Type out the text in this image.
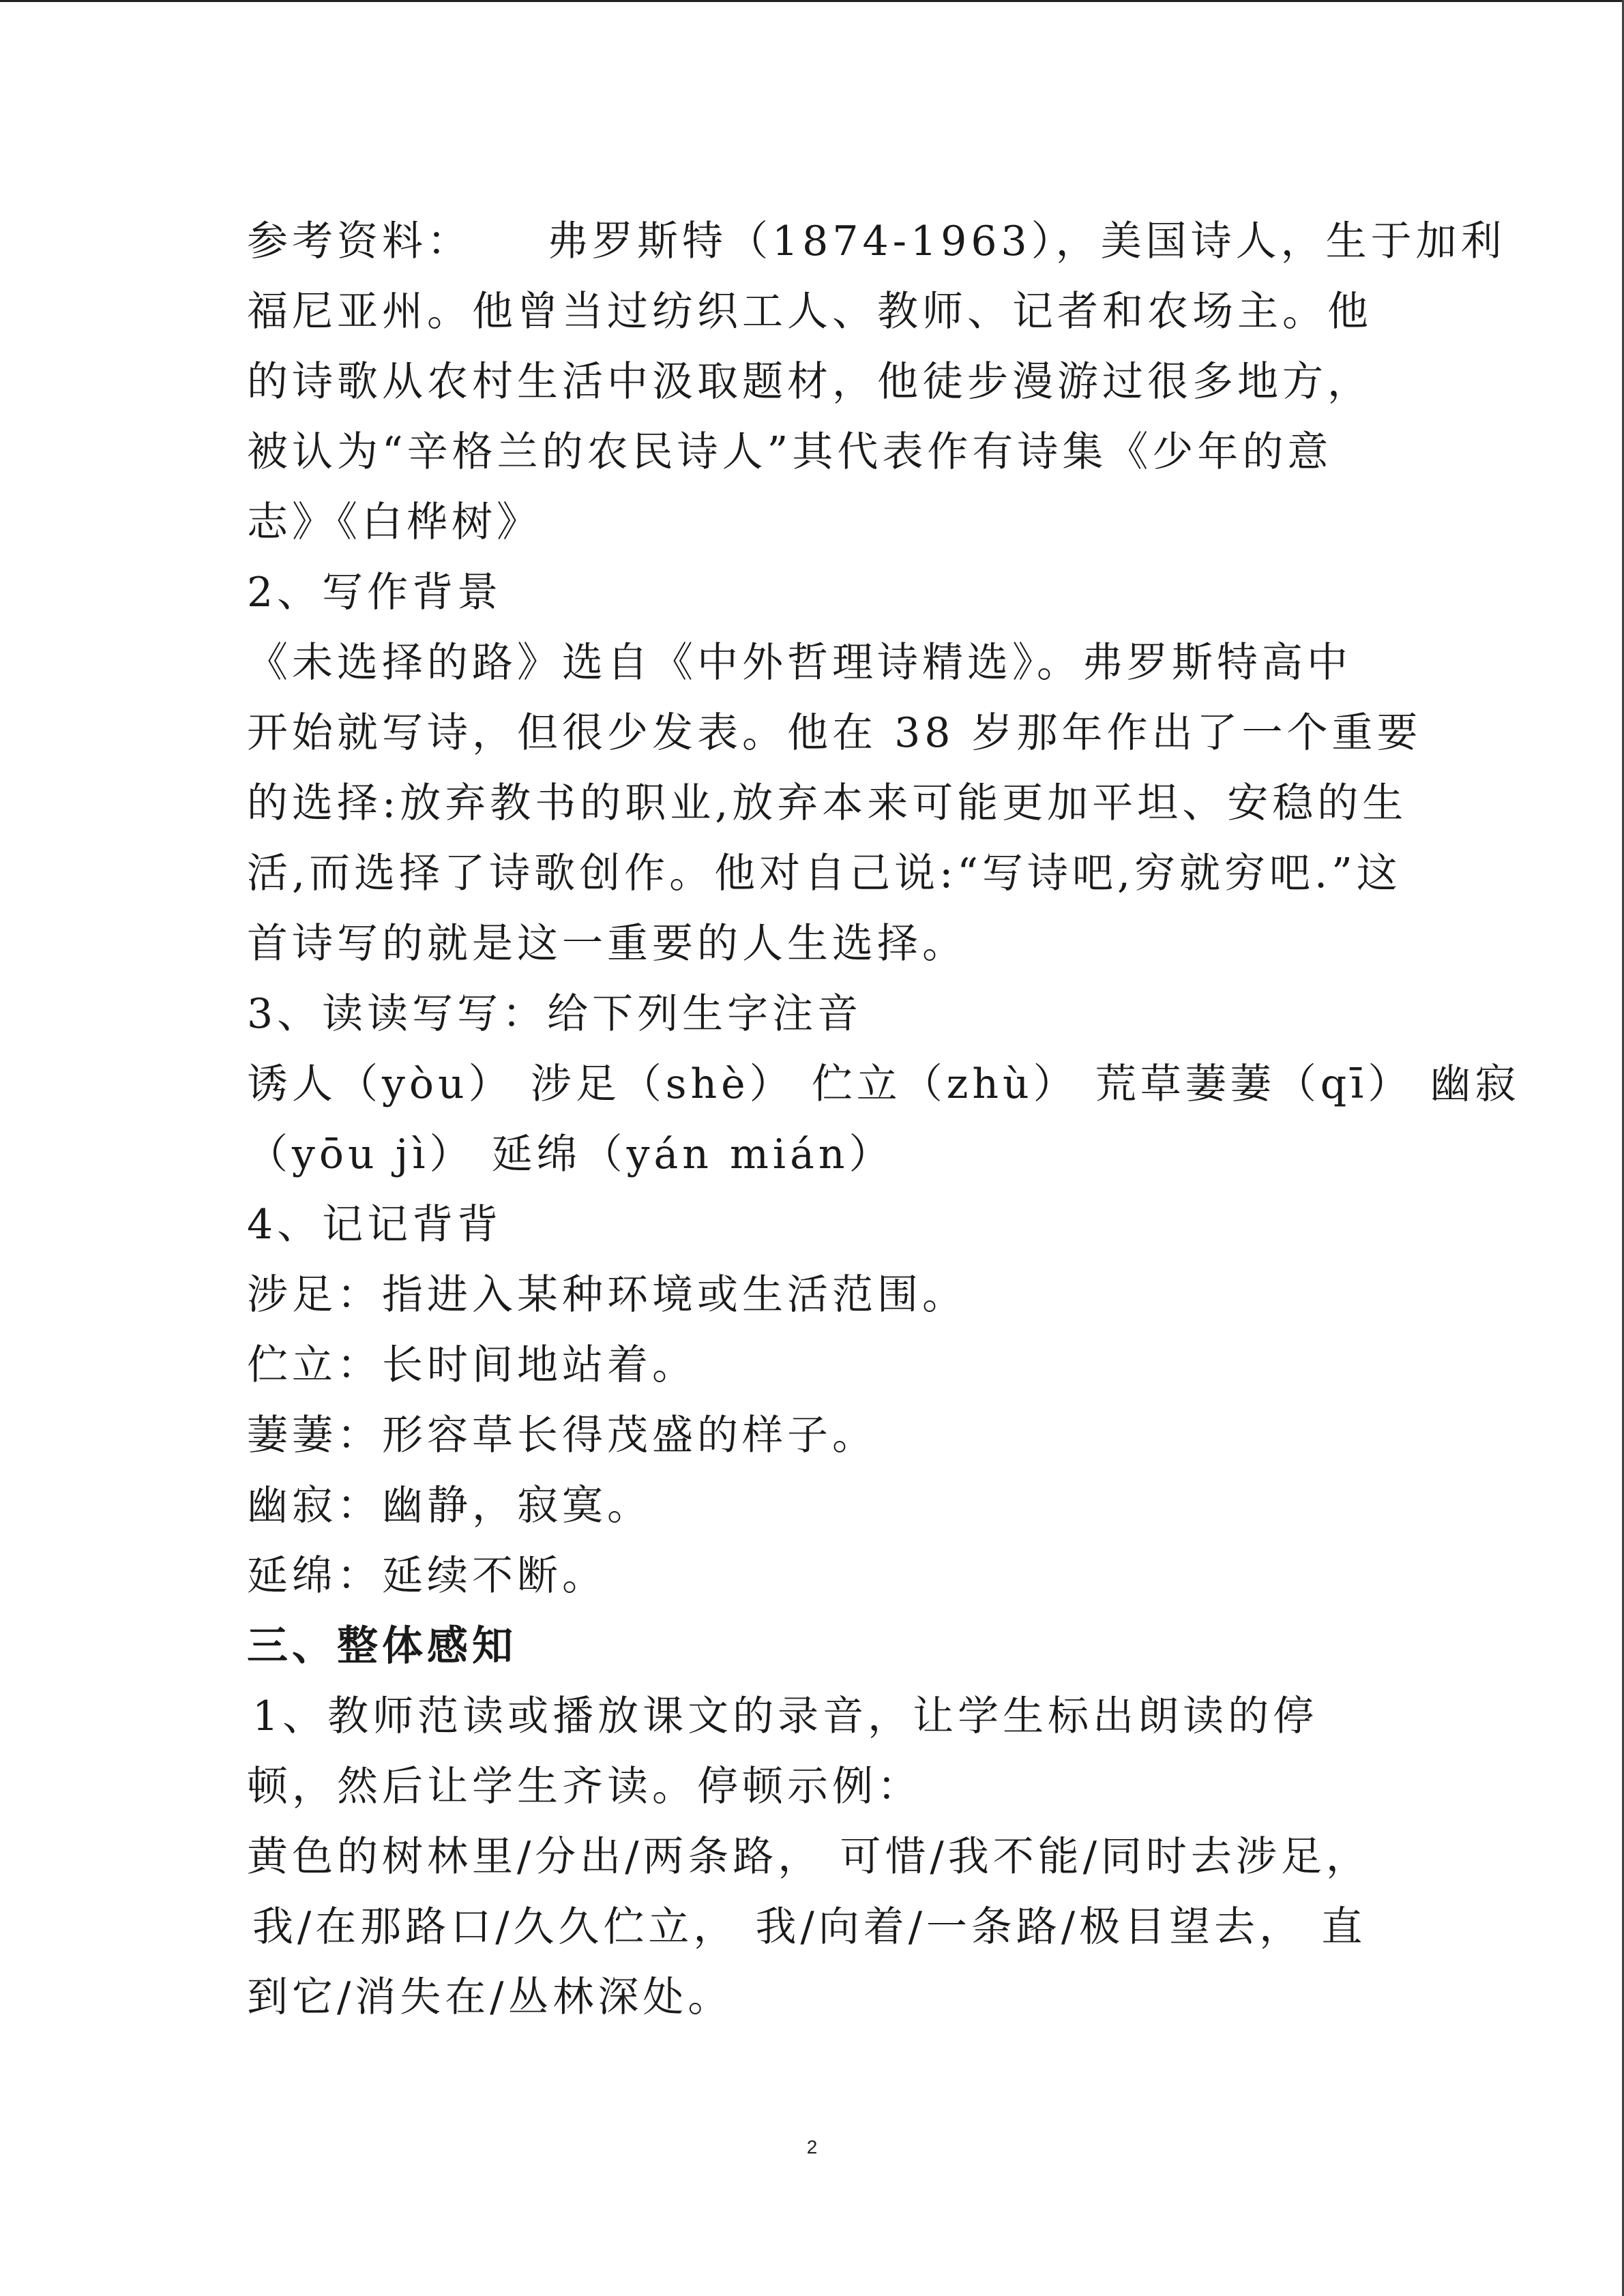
参考资料： 弗罗斯特（1874-1963），美国诗人，生于加利
福尼亚州。他曾当过纺织工人、教师、记者和农场主。他
的诗歌从农村生活中汲取题材，他徒步漫游过很多地方，
被认为“辛格兰的农民诗人”其代表作有诗集《少年的意
志》《白桦树》
2、写作背景
《未选择的路》选自《中外哲理诗精选》。弗罗斯特高中
开始就写诗，但很少发表。他在 38 岁那年作出了一个重要
的选择:放弃教书的职业,放弃本来可能更加平坦、安稳的生
活,而选择了诗歌创作。他对自己说:“写诗吧,穷就穷吧.”这
首诗写的就是这一重要的人生选择。
3、读读写写：给下列生字注音
诱人（yòu） 涉足（shè） 伫立（zhù） 荒草萋萋（qī） 幽寂
（yōu jì） 延绵（yán mián）
4、记记背背
涉足：指进入某种环境或生活范围。
伫立：长时间地站着。
萋萋：形容草长得茂盛的样子。
幽寂：幽静，寂寞。
延绵：延续不断。
三、整体感知
1、教师范读或播放课文的录音，让学生标出朗读的停
顿，然后让学生齐读。停顿示例：
黄色的树林里/分出/两条路， 可惜/我不能/同时去涉足，
我/在那路口/久久伫立， 我/向着/一条路/极目望去， 直
到它/消失在/丛林深处。
2
